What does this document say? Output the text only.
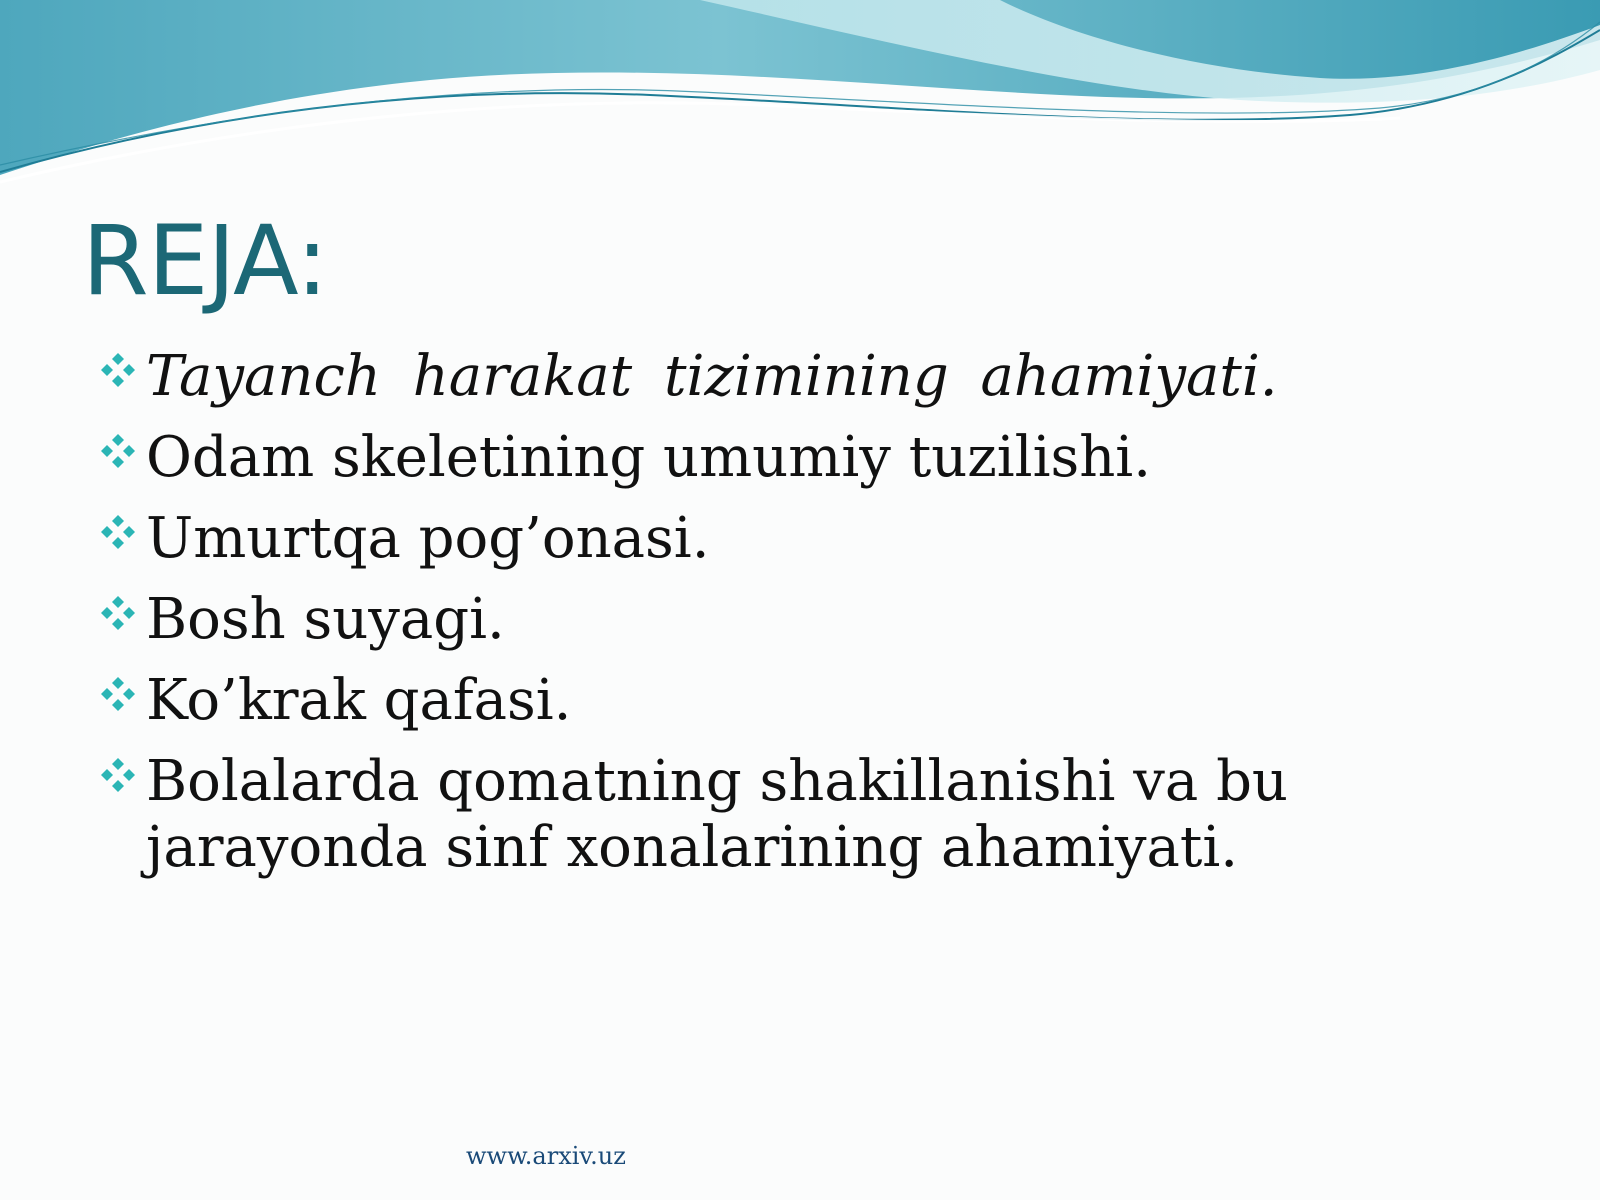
REJA:
Tayanch harakat tizimining ahamiyati.
Odam skeletining umumiy tuzilishi.
Umurtqa pog’onasi.
Bosh suyagi.
Ko’krak qafasi.
Bolalarda qomatning shakillanishi va bu jarayonda sinf xonalarining ahamiyati.
www.arxiv.uz
